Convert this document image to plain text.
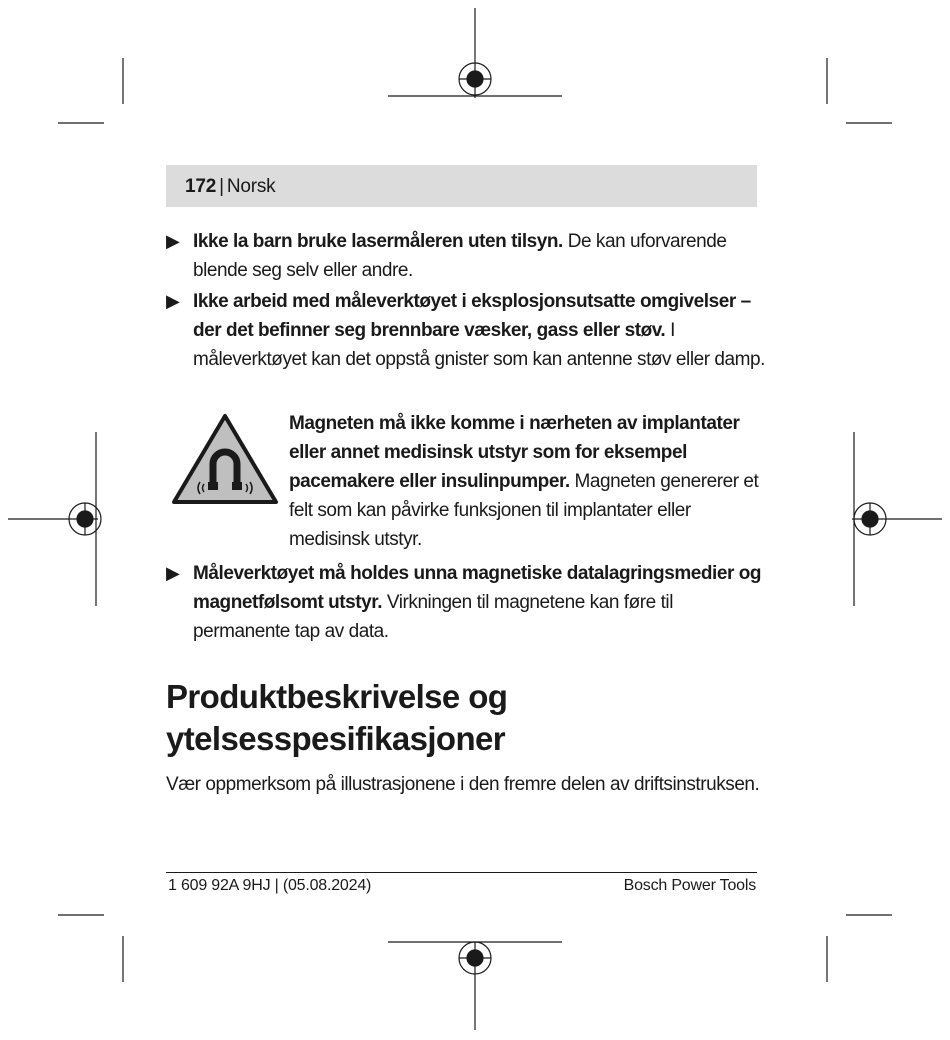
172 | Norsk
▶ Ikke la barn bruke lasermåleren uten tilsyn. De kan uforvarende blende seg selv eller andre.
▶ Ikke arbeid med måleverktøyet i eksplosjonsutsatte omgivelser – der det befinner seg brennbare væsker, gass eller støv. I måleverktøyet kan det oppstå gnister som kan antenne støv eller damp.
Magneten må ikke komme i nærheten av implantater eller annet medisinsk utstyr som for eksempel pacemakere eller insulinpumper. Magneten genererer et felt som kan påvirke funksjonen til implantater eller medisinsk utstyr.
▶ Måleverktøyet må holdes unna magnetiske datalagringsmedier og magnetfølsomt utstyr. Virkningen til magnetene kan føre til permanente tap av data.
Produktbeskrivelse og
ytelsesspesifikasjoner
Vær oppmerksom på illustrasjonene i den fremre delen av driftsinstruksen.
1 609 92A 9HJ | (05.08.2024)	Bosch Power Tools
